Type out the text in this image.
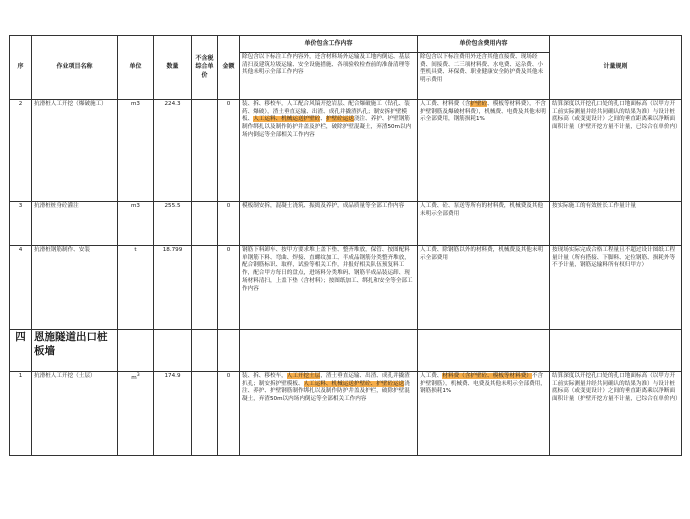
序	作业项目名称	单位	数量	不含税综合单价	金额	单价包含工作内容	单价包含费用内容	计量规则
						除包含以下标注工作内容外，还含材料场外运输及工地内倒运、基层清扫及建筑垃圾运输、安全设施措施、各项验收检查前的准备清理等其他未明示全部工作内容	除包含以下标注费用外还含其他直接费、现场经费、间接费、二三项材料费、水电费、运杂费、小型机具费、环保费、职业健康安全防护费及其他未明示费用	
2	抗滑桩人工开挖（爆破施工）	m3	224.3		0	装、拆、移校车，人工配合风镐开挖岩层、配合爆破施工（钻孔、装药、爆破），渣土垂直运输、出渣、成孔并撬渣扒孔；制安拆护壁模板、人工运料、机械运送护壁砼、护壁砼运送浇注、养护、护壁钢筋制作绑扎以及制作防护井盖及护栏，破除护壁混凝土，弃渣50m以内场内倒运等全部相关工作内容	人工费、材料费（含护壁砼、模板等材料费），不含护壁钢筋及爆破材料费），机械费、电费及其他未明示全部费用，钢筋损耗1%	结算深度以开挖孔口处的孔口地面标高（以甲方开工前实际测量并经共同确认的结果为准）与设计桩底标高（或变更设计）之间的垂直距离乘以净断面面积计量（护壁开挖方量不计量，已综合在单价内）
3	抗滑桩桩身砼灌注	m3	255.5		0	模板制安拆，混凝土浇筑、振捣及养护，成品质量等全部工作内容	人工费、砼、泵送等所有的材料费，机械费及其他未明示全部费用	按实际施工的有效桩长工作量计量
4	抗滑桩钢筋制作、安装	t	18.799		0	钢筋下料卸车、按甲方要求堆上盖下垫、整齐堆放，保管、按图配料单钢筋下料、弯曲、焊接、直螺纹加工、半成品钢筋分类整齐堆放，配合钢筋标识、取样，试验等相关工作，并报好相关队伍预复料工作，配合甲方每日的盘点，进场料分类堆码、钢筋半成品装运卸、现场材料清扫，上盖下垫（含材料）；按图纸加工、绑扎和安全等全部工作内容	人工费、除钢筋以外的材料费，机械费及其他未明示全部费用	按现场实际完成合格工程量且不超过设计图纸工程量计量（所有搭接、下脚料、定位钢筋、损耗外等不予计量，钢筋运输料所有权归甲方）
四	恩施隧道出口桩板墙							
1	抗滑桩人工开挖（土层）	$m^3$	174.9		0	装、拆、移校车，人工开挖土层，渣土垂直运输、出渣、成孔并撬渣扒孔；制安拆护壁模板、人工运料、机械运送护壁砼、护壁砼运送浇注、养护、护壁钢筋制作绑扎以及制作防护井盖及护栏，破除护壁混凝土，弃渣50m以内场内倒运等全部相关工作内容	人工费、材料费（含护壁砼、模板等材料费）不含护壁钢筋），机械费、电费及其他未明示全部费用，钢筋损耗1%	结算深度以开挖孔口处的孔口地面标高（以甲方开工前实际测量并经共同确认的结果为准）与设计桩底标高（或变更设计）之间的垂直距离乘以净断面面积计量（护壁开挖方量不计量，已综合在单价内）
